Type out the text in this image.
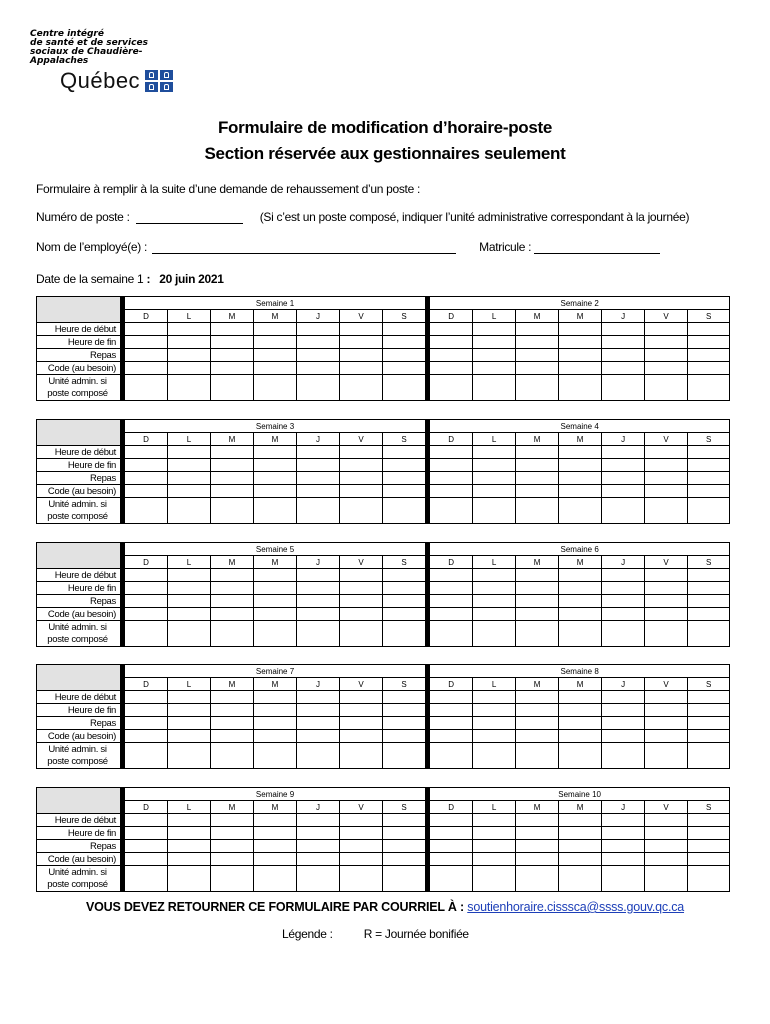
Centre intégré
de santé et de services
sociaux de Chaudière-
Appalaches
Québec
Formulaire de modification d’horaire-poste
Section réservée aux gestionnaires seulement
Formulaire à remplir à la suite d’une demande de rehaussement d’un poste :
Numéro de poste :	(Si c’est un poste composé, indiquer l’unité administrative correspondant à la journée)
Nom de l’employé(e) :	Matricule :
Date de la semaine 1 : 20 juin 2021
		Semaine 1								Semaine 2						
		D	L	M	M	J	V	S		D	L	M	M	J	V	S
Heure de début																
Heure de fin																
Repas																
Code (au besoin)																
Unité admin. si poste composé																
		Semaine 3								Semaine 4						
		D	L	M	M	J	V	S		D	L	M	M	J	V	S
Heure de début																
Heure de fin																
Repas																
Code (au besoin)																
Unité admin. si poste composé																
		Semaine 5								Semaine 6						
		D	L	M	M	J	V	S		D	L	M	M	J	V	S
Heure de début																
Heure de fin																
Repas																
Code (au besoin)																
Unité admin. si poste composé																
		Semaine 7								Semaine 8						
		D	L	M	M	J	V	S		D	L	M	M	J	V	S
Heure de début																
Heure de fin																
Repas																
Code (au besoin)																
Unité admin. si poste composé																
		Semaine 9								Semaine 10						
		D	L	M	M	J	V	S		D	L	M	M	J	V	S
Heure de début																
Heure de fin																
Repas																
Code (au besoin)																
Unité admin. si poste composé																
VOUS DEVEZ RETOURNER CE FORMULAIRE PAR COURRIEL À : soutienhoraire.cisssca@ssss.gouv.qc.ca
Légende :	R = Journée bonifiée
